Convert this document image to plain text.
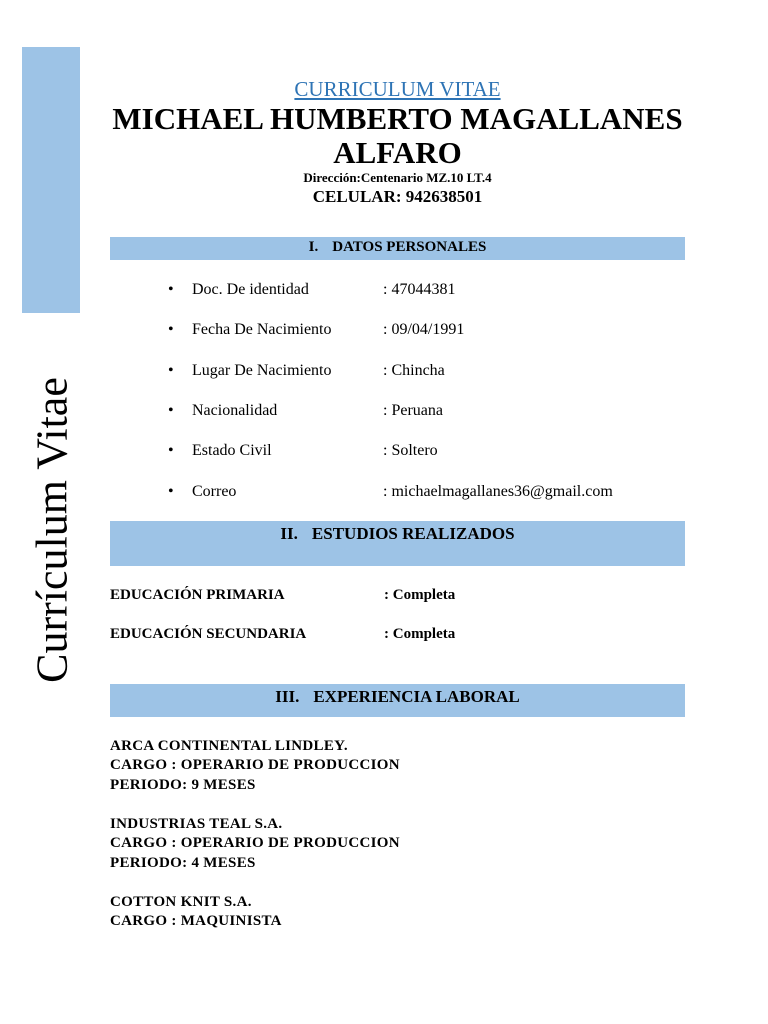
Currículum Vitae
CURRICULUM VITAE
MICHAEL HUMBERTO MAGALLANES
ALFARO
Dirección:Centenario MZ.10 LT.4
CELULAR: 942638501
I. DATOS PERSONALES
• Doc. De identidad	: 47044381
• Fecha De Nacimiento	: 09/04/1991
• Lugar De Nacimiento	: Chincha
• Nacionalidad	: Peruana
• Estado Civil	: Soltero
• Correo	: michaelmagallanes36@gmail.com
II. ESTUDIOS REALIZADOS
EDUCACIÓN PRIMARIA	: Completa
EDUCACIÓN SECUNDARIA	: Completa
III. EXPERIENCIA LABORAL
ARCA CONTINENTAL LINDLEY.
CARGO : OPERARIO DE PRODUCCION
PERIODO: 9 MESES
INDUSTRIAS TEAL S.A.
CARGO : OPERARIO DE PRODUCCION
PERIODO: 4 MESES
COTTON KNIT S.A.
CARGO : MAQUINISTA
